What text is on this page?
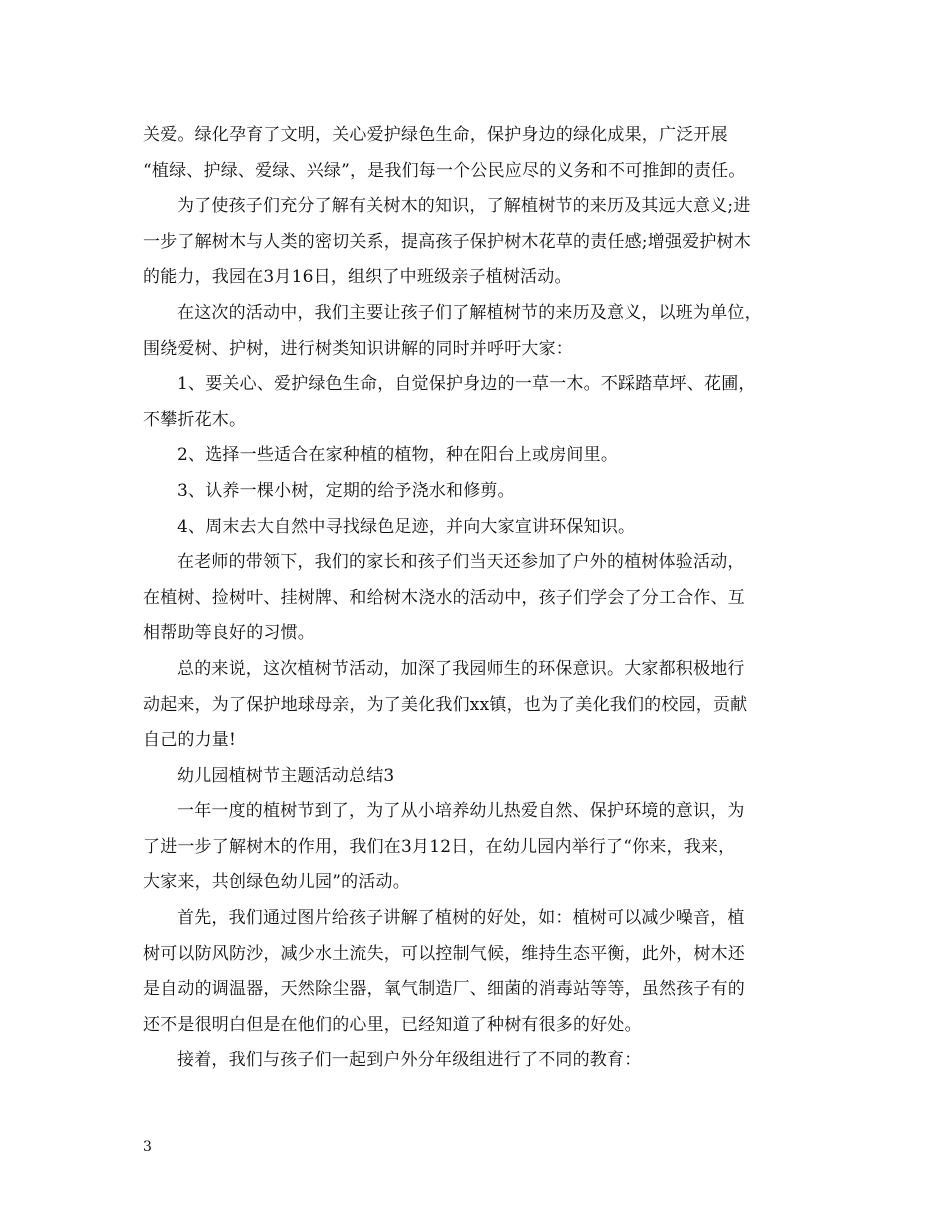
关爱。绿化孕育了文明，关心爱护绿色生命，保护身边的绿化成果，广泛开展
“植绿、护绿、爱绿、兴绿”，是我们每一个公民应尽的义务和不可推卸的责任。
为了使孩子们充分了解有关树木的知识，了解植树节的来历及其远大意义;进
一步了解树木与人类的密切关系，提高孩子保护树木花草的责任感;增强爱护树木
的能力，我园在3月16日，组织了中班级亲子植树活动。
在这次的活动中，我们主要让孩子们了解植树节的来历及意义，以班为单位，
围绕爱树、护树，进行树类知识讲解的同时并呼吁大家：
1、要关心、爱护绿色生命，自觉保护身边的一草一木。不踩踏草坪、花圃，
不攀折花木。
2、选择一些适合在家种植的植物，种在阳台上或房间里。
3、认养一棵小树，定期的给予浇水和修剪。
4、周末去大自然中寻找绿色足迹，并向大家宣讲环保知识。
在老师的带领下，我们的家长和孩子们当天还参加了户外的植树体验活动，
在植树、捡树叶、挂树牌、和给树木浇水的活动中，孩子们学会了分工合作、互
相帮助等良好的习惯。
总的来说，这次植树节活动，加深了我园师生的环保意识。大家都积极地行
动起来，为了保护地球母亲，为了美化我们xx镇，也为了美化我们的校园，贡献
自己的力量!
幼儿园植树节主题活动总结3
一年一度的植树节到了，为了从小培养幼儿热爱自然、保护环境的意识，为
了进一步了解树木的作用，我们在3月12日，在幼儿园内举行了“你来，我来，
大家来，共创绿色幼儿园”的活动。
首先，我们通过图片给孩子讲解了植树的好处，如：植树可以减少噪音，植
树可以防风防沙，减少水土流失，可以控制气候，维持生态平衡，此外，树木还
是自动的调温器，天然除尘器，氧气制造厂、细菌的消毒站等等，虽然孩子有的
还不是很明白但是在他们的心里，已经知道了种树有很多的好处。
接着，我们与孩子们一起到户外分年级组进行了不同的教育：
3
